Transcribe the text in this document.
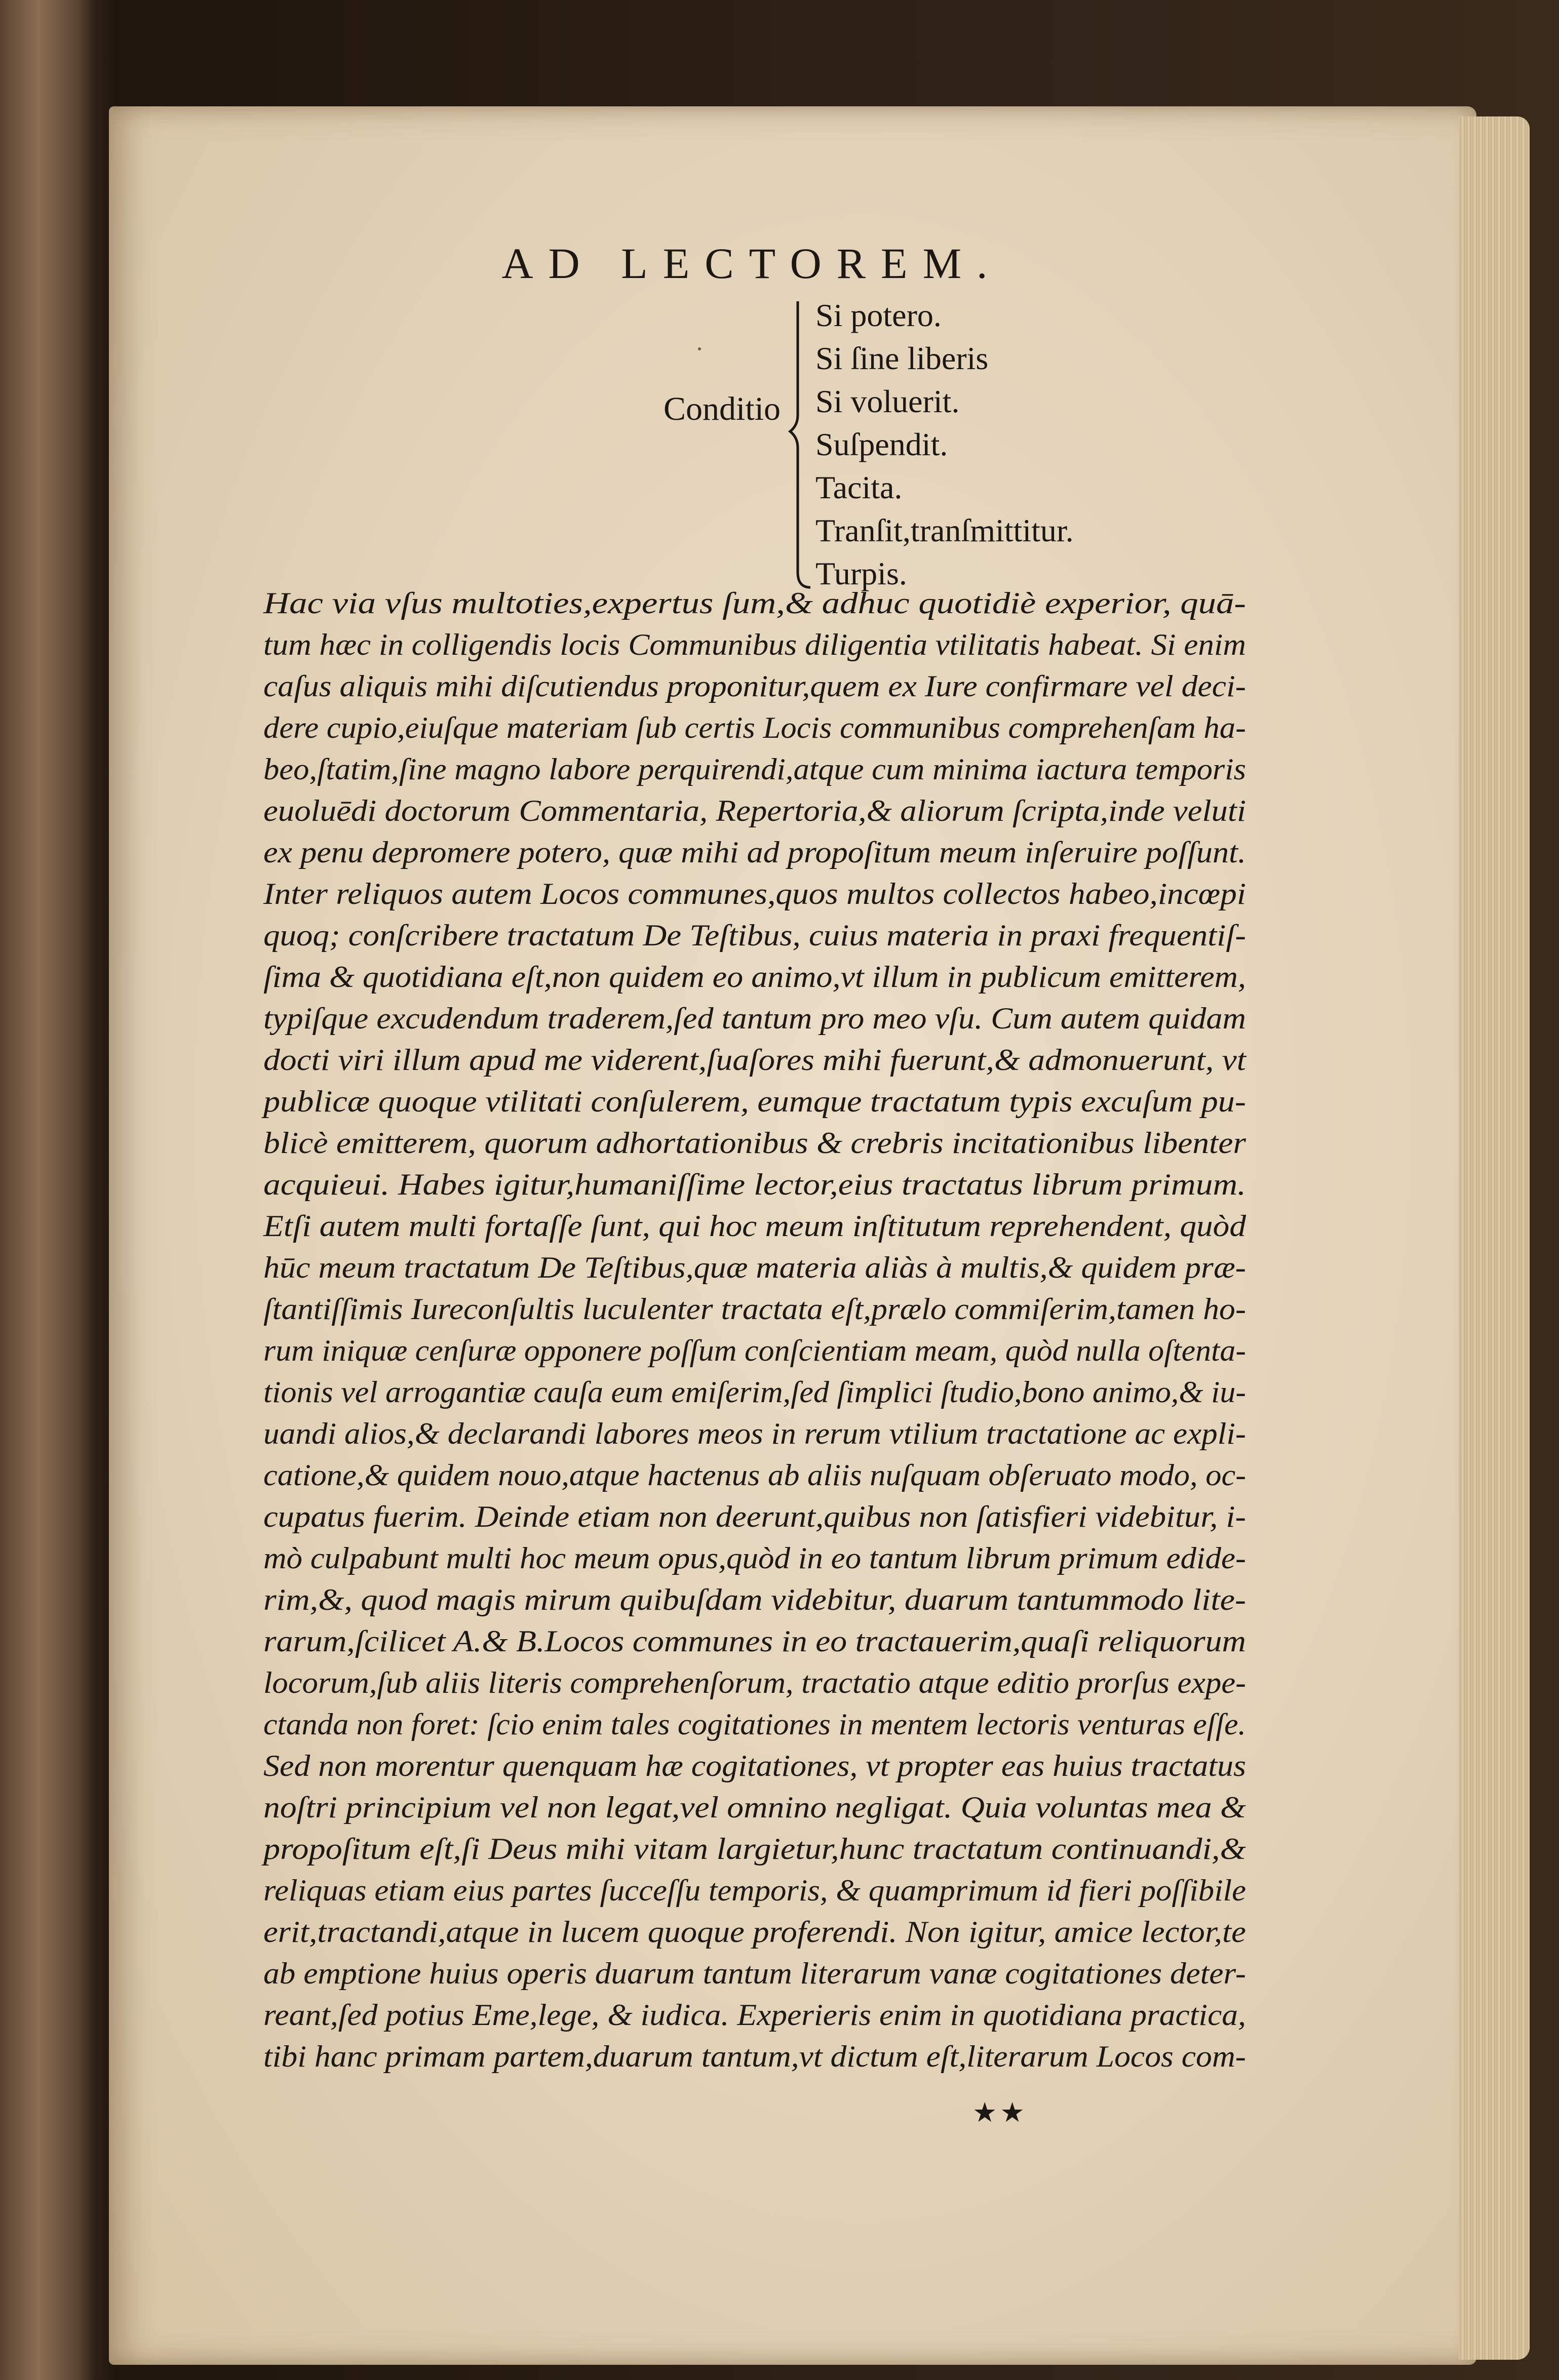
AD LECTOREM.
Conditio
Si potero.
Si ſine liberis
Si voluerit.
Suſpendit.
Tacita.
Tranſit,tranſmittitur.
Turpis.
Hac via vſus multoties,expertus ſum,& adhuc quotidiè experior, quā-
tum hæc in colligendis locis Communibus diligentia vtilitatis habeat. Si enim
caſus aliquis mihi diſcutiendus proponitur,quem ex Iure confirmare vel deci-
dere cupio,eiuſque materiam ſub certis Locis communibus comprehenſam ha-
beo,ſtatim,ſine magno labore perquirendi,atque cum minima iactura temporis
euoluēdi doctorum Commentaria, Repertoria,& aliorum ſcripta,inde veluti
ex penu depromere potero, quæ mihi ad propoſitum meum inſeruire poſſunt.
Inter reliquos autem Locos communes,quos multos collectos habeo,incœpi
quoq; conſcribere tractatum De Teſtibus, cuius materia in praxi frequentiſ-
ſima & quotidiana eſt,non quidem eo animo,vt illum in publicum emitterem,
typiſque excudendum traderem,ſed tantum pro meo vſu. Cum autem quidam
docti viri illum apud me viderent,ſuaſores mihi fuerunt,& admonuerunt, vt
publicæ quoque vtilitati conſulerem, eumque tractatum typis excuſum pu-
blicè emitterem, quorum adhortationibus & crebris incitationibus libenter
acquieui. Habes igitur,humaniſſime lector,eius tractatus librum primum.
Etſi autem multi fortaſſe ſunt, qui hoc meum inſtitutum reprehendent, quòd
hūc meum tractatum De Teſtibus,quæ materia aliàs à multis,& quidem præ-
ſtantiſſimis Iureconſultis luculenter tractata eſt,prælo commiſerim,tamen ho-
rum iniquæ cenſuræ opponere poſſum conſcientiam meam, quòd nulla oſtenta-
tionis vel arrogantiæ cauſa eum emiſerim,ſed ſimplici ſtudio,bono animo,& iu-
uandi alios,& declarandi labores meos in rerum vtilium tractatione ac expli-
catione,& quidem nouo,atque hactenus ab aliis nuſquam obſeruato modo, oc-
cupatus fuerim. Deinde etiam non deerunt,quibus non ſatisfieri videbitur, i-
mò culpabunt multi hoc meum opus,quòd in eo tantum librum primum edide-
rim,&, quod magis mirum quibuſdam videbitur, duarum tantummodo lite-
rarum,ſcilicet A.& B.Locos communes in eo tractauerim,quaſi reliquorum
locorum,ſub aliis literis comprehenſorum, tractatio atque editio prorſus expe-
ctanda non foret: ſcio enim tales cogitationes in mentem lectoris venturas eſſe.
Sed non morentur quenquam hæ cogitationes, vt propter eas huius tractatus
noſtri principium vel non legat,vel omnino negligat. Quia voluntas mea &
propoſitum eſt,ſi Deus mihi vitam largietur,hunc tractatum continuandi,&
reliquas etiam eius partes ſucceſſu temporis, & quamprimum id fieri poſſibile
erit,tractandi,atque in lucem quoque proferendi. Non igitur, amice lector,te
ab emptione huius operis duarum tantum literarum vanæ cogitationes deter-
reant,ſed potius Eme,lege, & iudica. Experieris enim in quotidiana practica,
tibi hanc primam partem,duarum tantum,vt dictum eſt,literarum Locos com-
★★
